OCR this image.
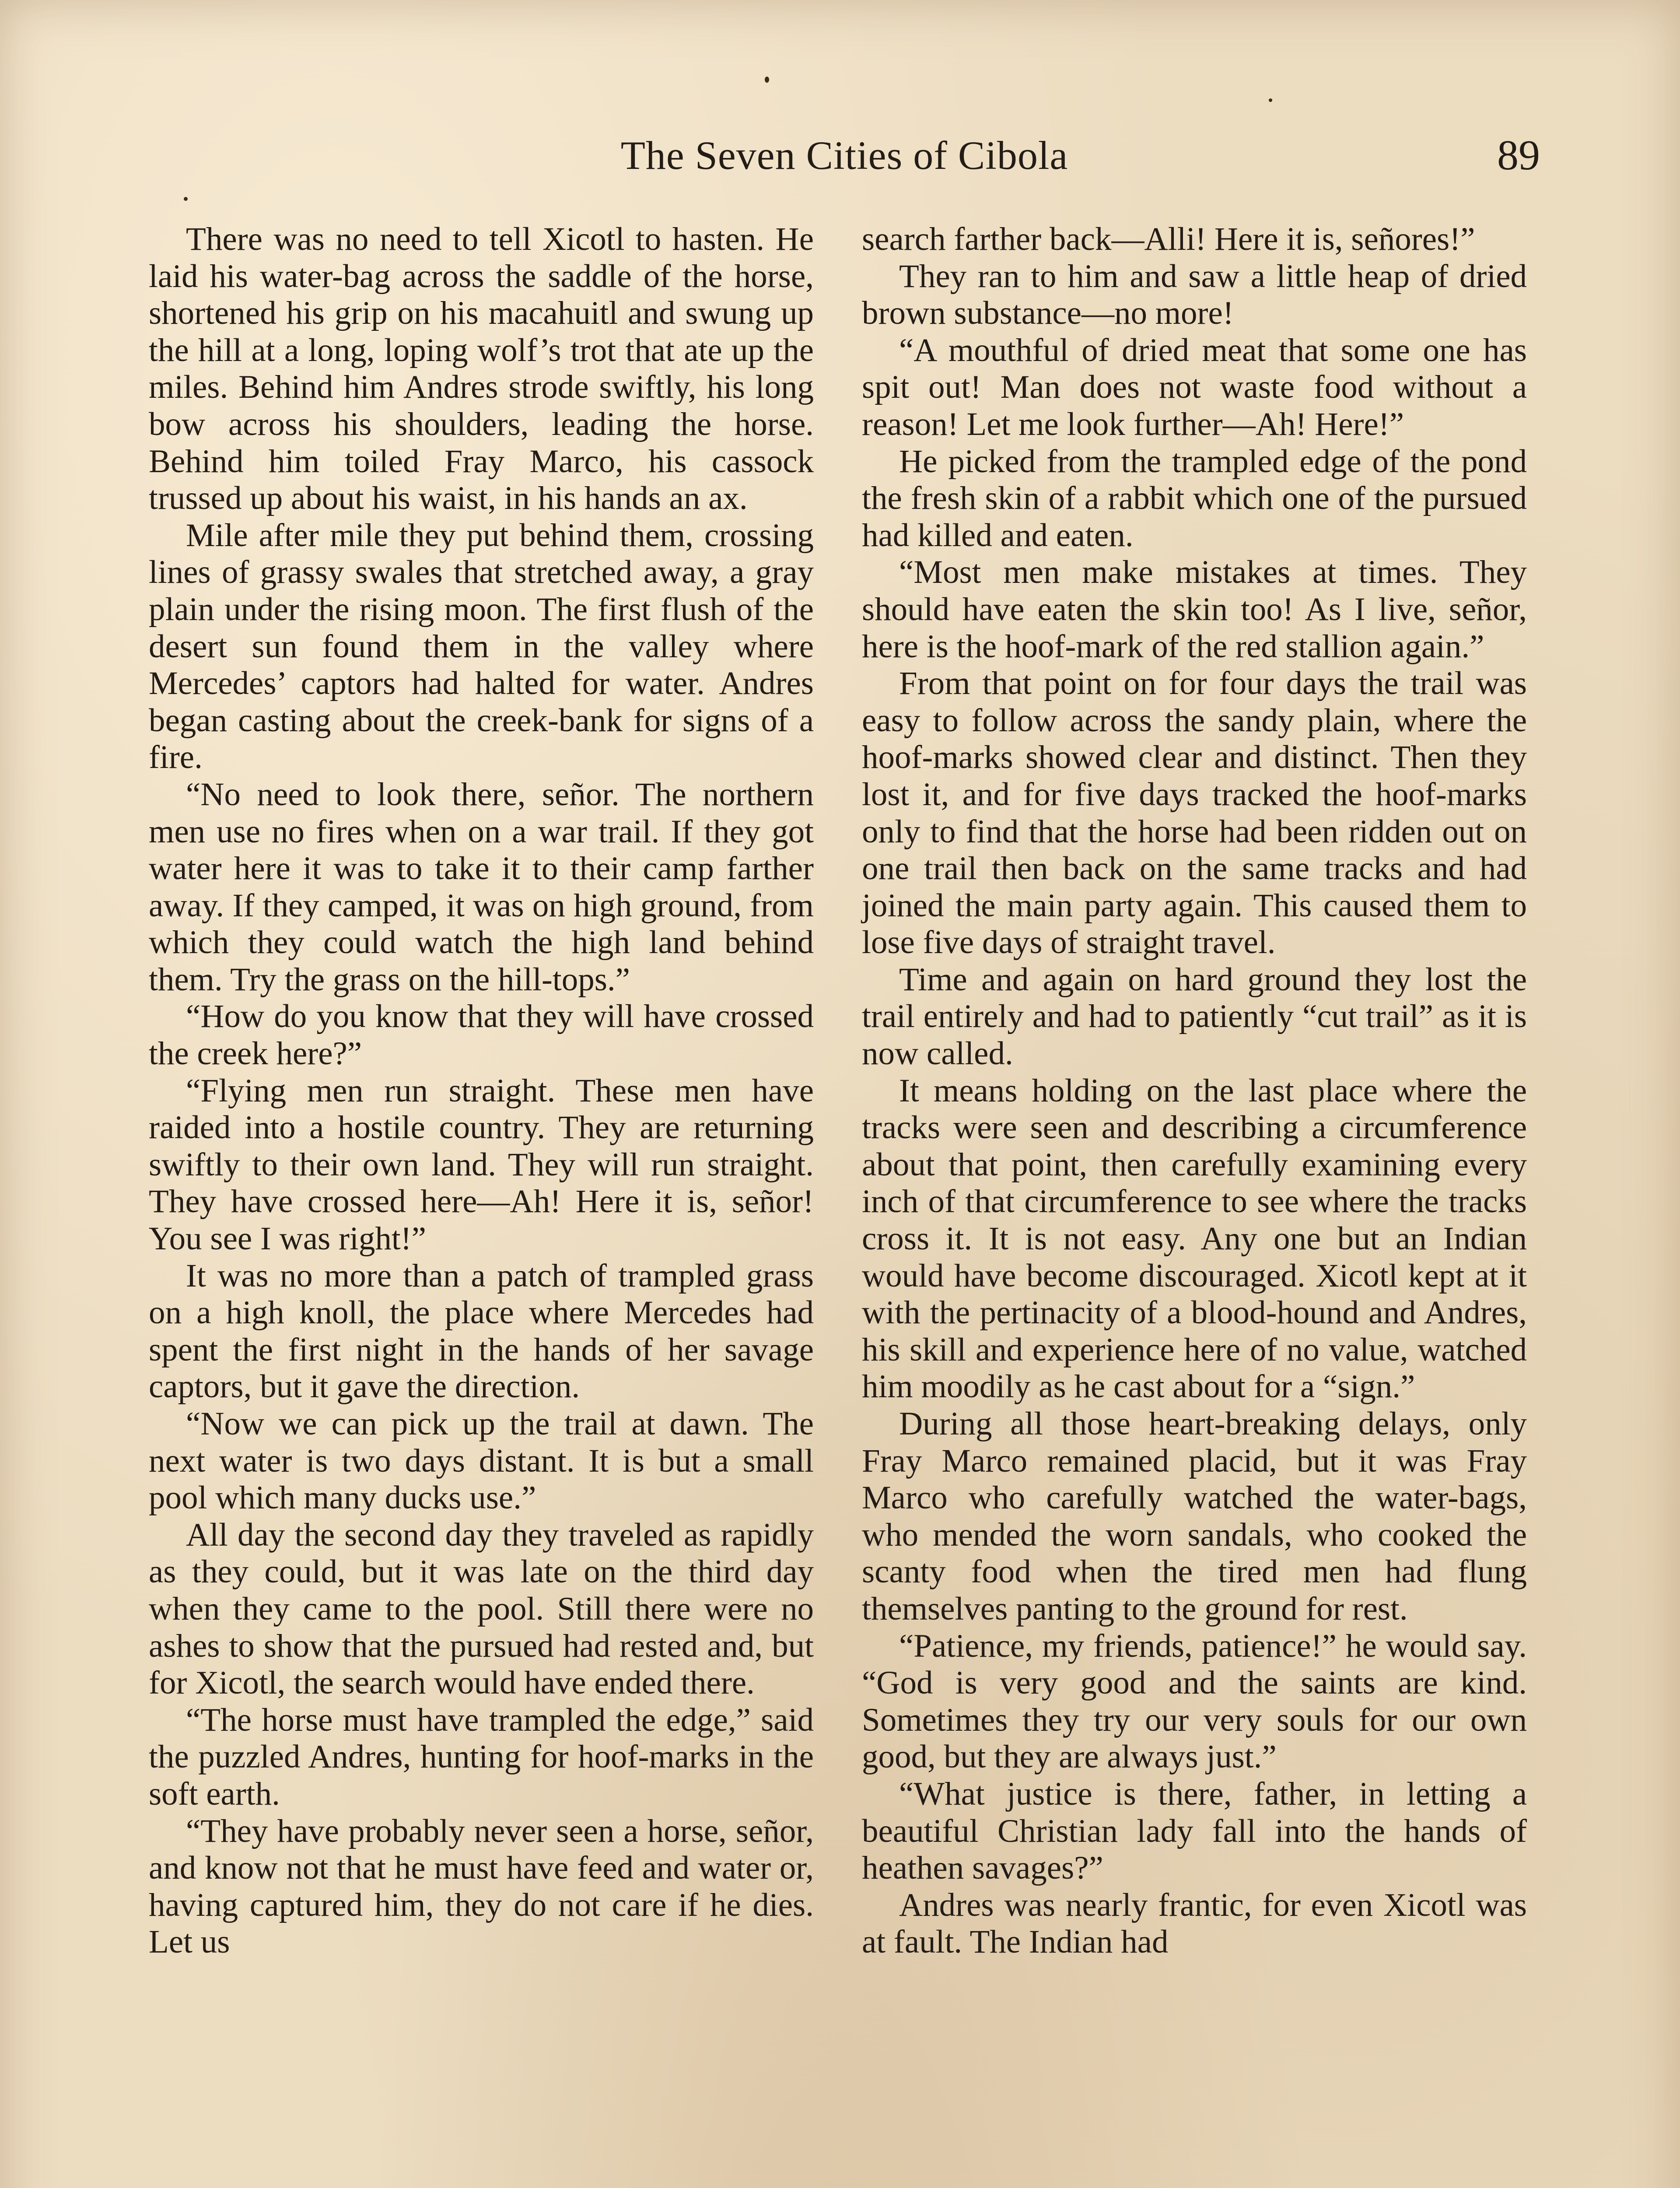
The Seven Cities of Cibola	89

There was no need to tell Xicotl to hasten. He laid his water-bag across the saddle of the horse, shortened his grip on his macahuitl and swung up the hill at a long, loping wolf’s trot that ate up the miles. Behind him Andres strode swiftly, his long bow across his shoulders, leading the horse. Behind him toiled Fray Marco, his cassock trussed up about his waist, in his hands an ax.

Mile after mile they put behind them, crossing lines of grassy swales that stretched away, a gray plain under the rising moon. The first flush of the desert sun found them in the valley where Mercedes’ captors had halted for water. Andres began casting about the creek-bank for signs of a fire.

“No need to look there, señor. The northern men use no fires when on a war trail. If they got water here it was to take it to their camp farther away. If they camped, it was on high ground, from which they could watch the high land behind them. Try the grass on the hill-tops.”

“How do you know that they will have crossed the creek here?”

“Flying men run straight. These men have raided into a hostile country. They are returning swiftly to their own land. They will run straight. They have crossed here—Ah! Here it is, señor! You see I was right!”

It was no more than a patch of trampled grass on a high knoll, the place where Mercedes had spent the first night in the hands of her savage captors, but it gave the direction.

“Now we can pick up the trail at dawn. The next water is two days distant. It is but a small pool which many ducks use.”

All day the second day they traveled as rapidly as they could, but it was late on the third day when they came to the pool. Still there were no ashes to show that the pursued had rested and, but for Xicotl, the search would have ended there.

“The horse must have trampled the edge,” said the puzzled Andres, hunting for hoof-marks in the soft earth.

“They have probably never seen a horse, señor, and know not that he must have feed and water or, having captured him, they do not care if he dies. Let us

search farther back—Alli! Here it is, señores!”

They ran to him and saw a little heap of dried brown substance—no more!

“A mouthful of dried meat that some one has spit out! Man does not waste food without a reason! Let me look further—Ah! Here!”

He picked from the trampled edge of the pond the fresh skin of a rabbit which one of the pursued had killed and eaten.

“Most men make mistakes at times. They should have eaten the skin too! As I live, señor, here is the hoof-mark of the red stallion again.”

From that point on for four days the trail was easy to follow across the sandy plain, where the hoof-marks showed clear and distinct. Then they lost it, and for five days tracked the hoof-marks only to find that the horse had been ridden out on one trail then back on the same tracks and had joined the main party again. This caused them to lose five days of straight travel.

Time and again on hard ground they lost the trail entirely and had to patiently “cut trail” as it is now called.

It means holding on the last place where the tracks were seen and describing a circumference about that point, then carefully examining every inch of that circumference to see where the tracks cross it. It is not easy. Any one but an Indian would have become discouraged. Xicotl kept at it with the pertinacity of a blood-hound and Andres, his skill and experience here of no value, watched him moodily as he cast about for a “sign.”

During all those heart-breaking delays, only Fray Marco remained placid, but it was Fray Marco who carefully watched the water-bags, who mended the worn sandals, who cooked the scanty food when the tired men had flung themselves panting to the ground for rest.

“Patience, my friends, patience!” he would say. “God is very good and the saints are kind. Sometimes they try our very souls for our own good, but they are always just.”

“What justice is there, father, in letting a beautiful Christian lady fall into the hands of heathen savages?”

Andres was nearly frantic, for even Xicotl was at fault. The Indian had
